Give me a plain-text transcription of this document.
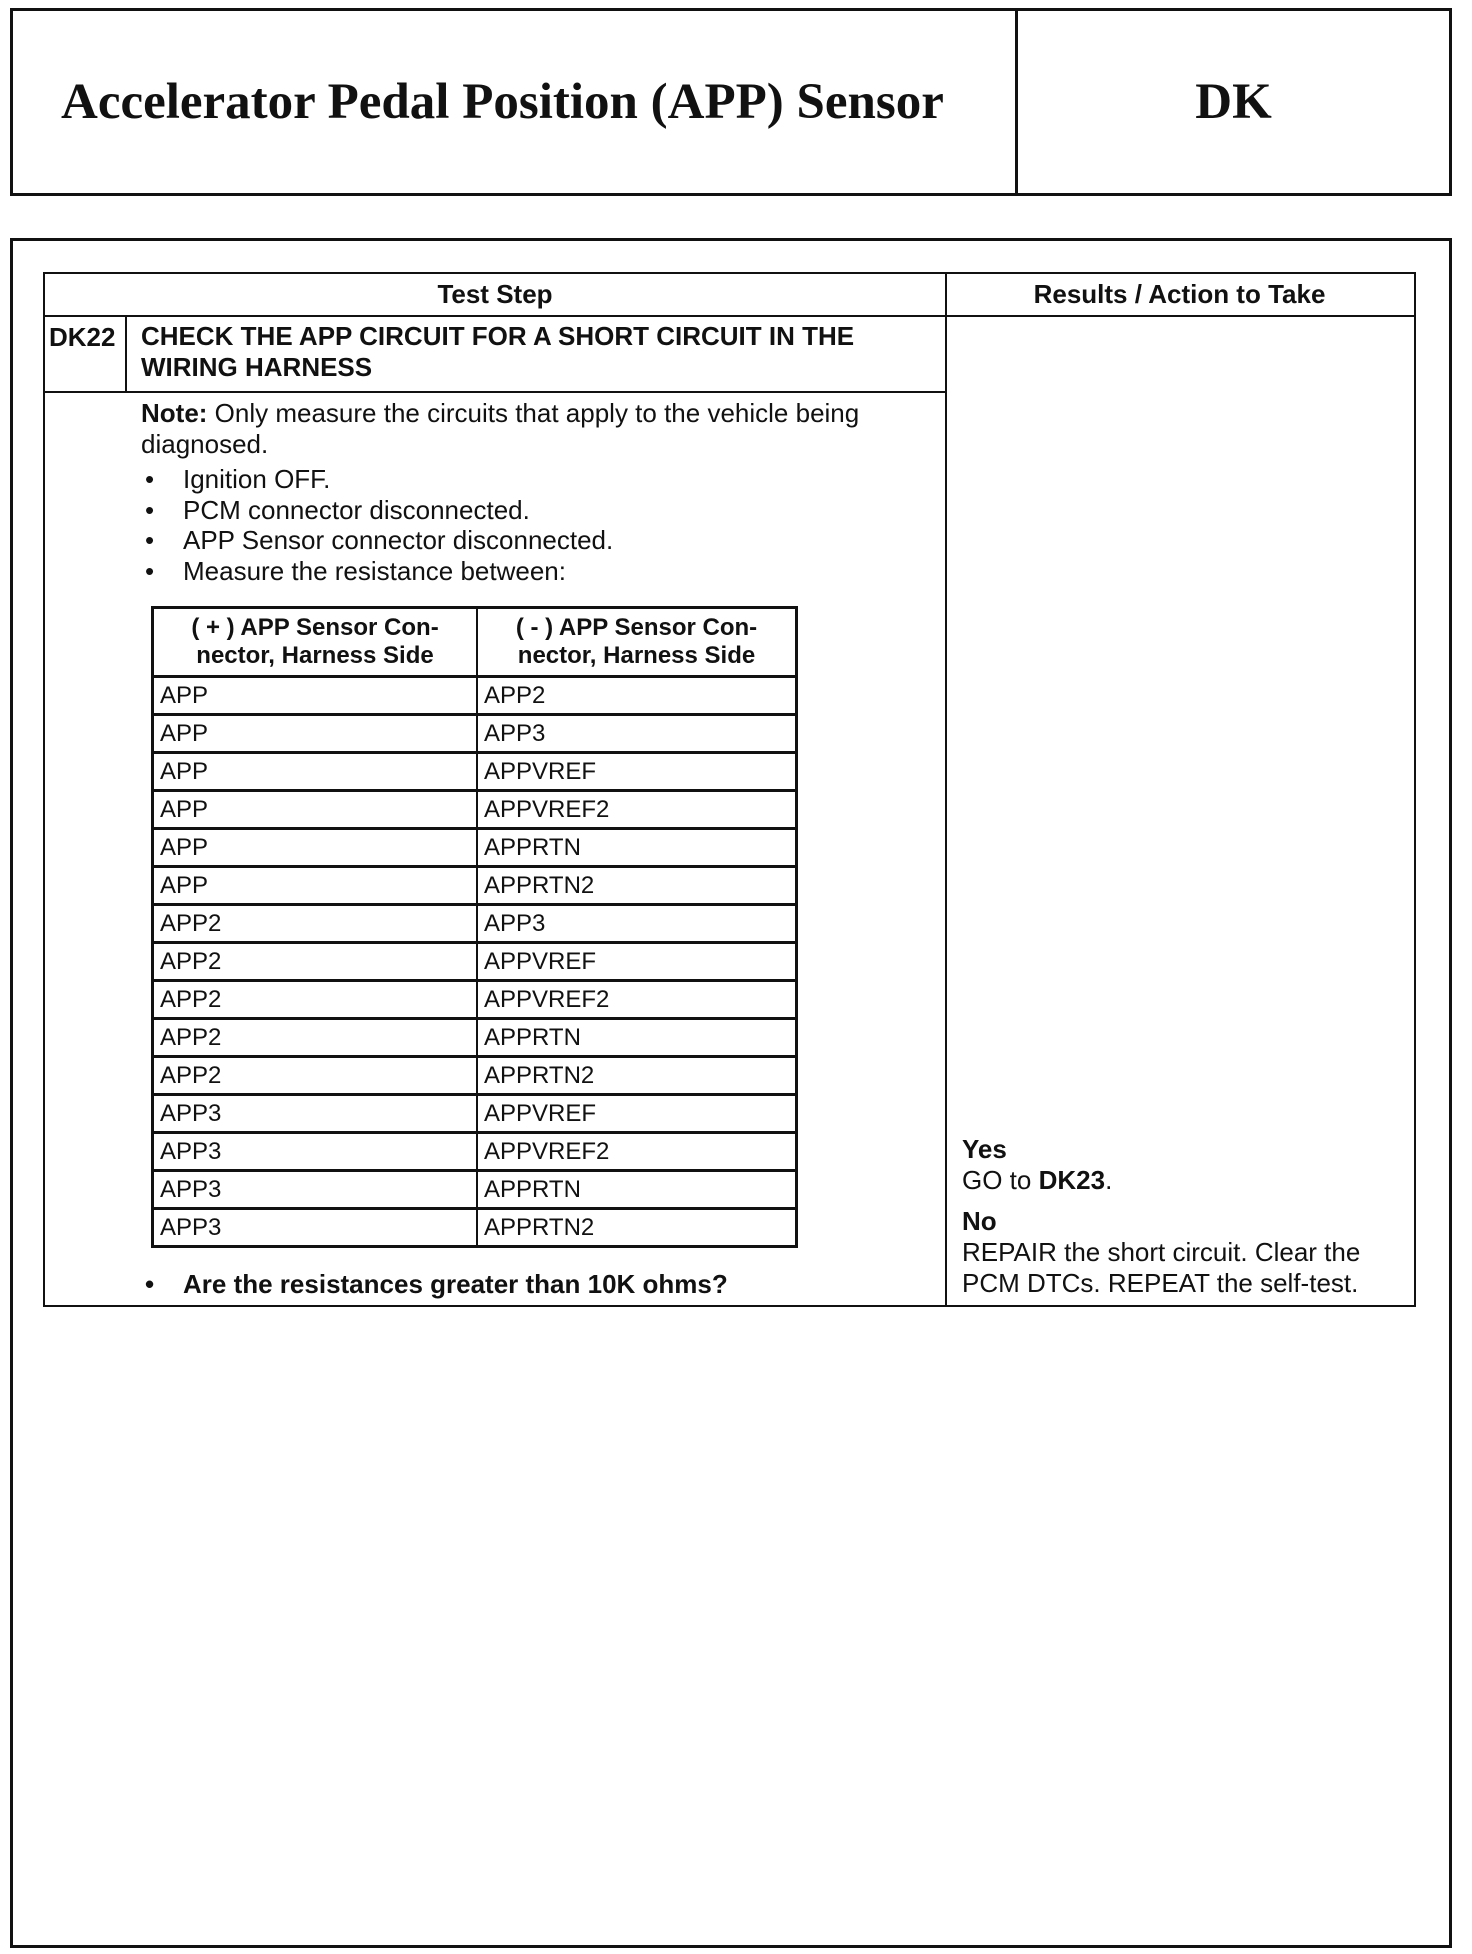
Accelerator Pedal Position (APP) Sensor	DK
Test Step	Results / Action to Take
DK22 CHECK THE APP CIRCUIT FOR A SHORT CIRCUIT IN THE WIRING HARNESS
Note: Only measure the circuits that apply to the vehicle being diagnosed.
• Ignition OFF.
• PCM connector disconnected.
• APP Sensor connector disconnected.
• Measure the resistance between:
( + ) APP Sensor Con-nector, Harness Side	( - ) APP Sensor Con-nector, Harness Side
APP	APP2
APP	APP3
APP	APPVREF
APP	APPVREF2
APP	APPRTN
APP	APPRTN2
APP2	APP3
APP2	APPVREF
APP2	APPVREF2
APP2	APPRTN
APP2	APPRTN2
APP3	APPVREF
APP3	APPVREF2
APP3	APPRTN
APP3	APPRTN2
• Are the resistances greater than 10K ohms?
Yes
GO to DK23.
No
REPAIR the short circuit. Clear the PCM DTCs. REPEAT the self-test.
